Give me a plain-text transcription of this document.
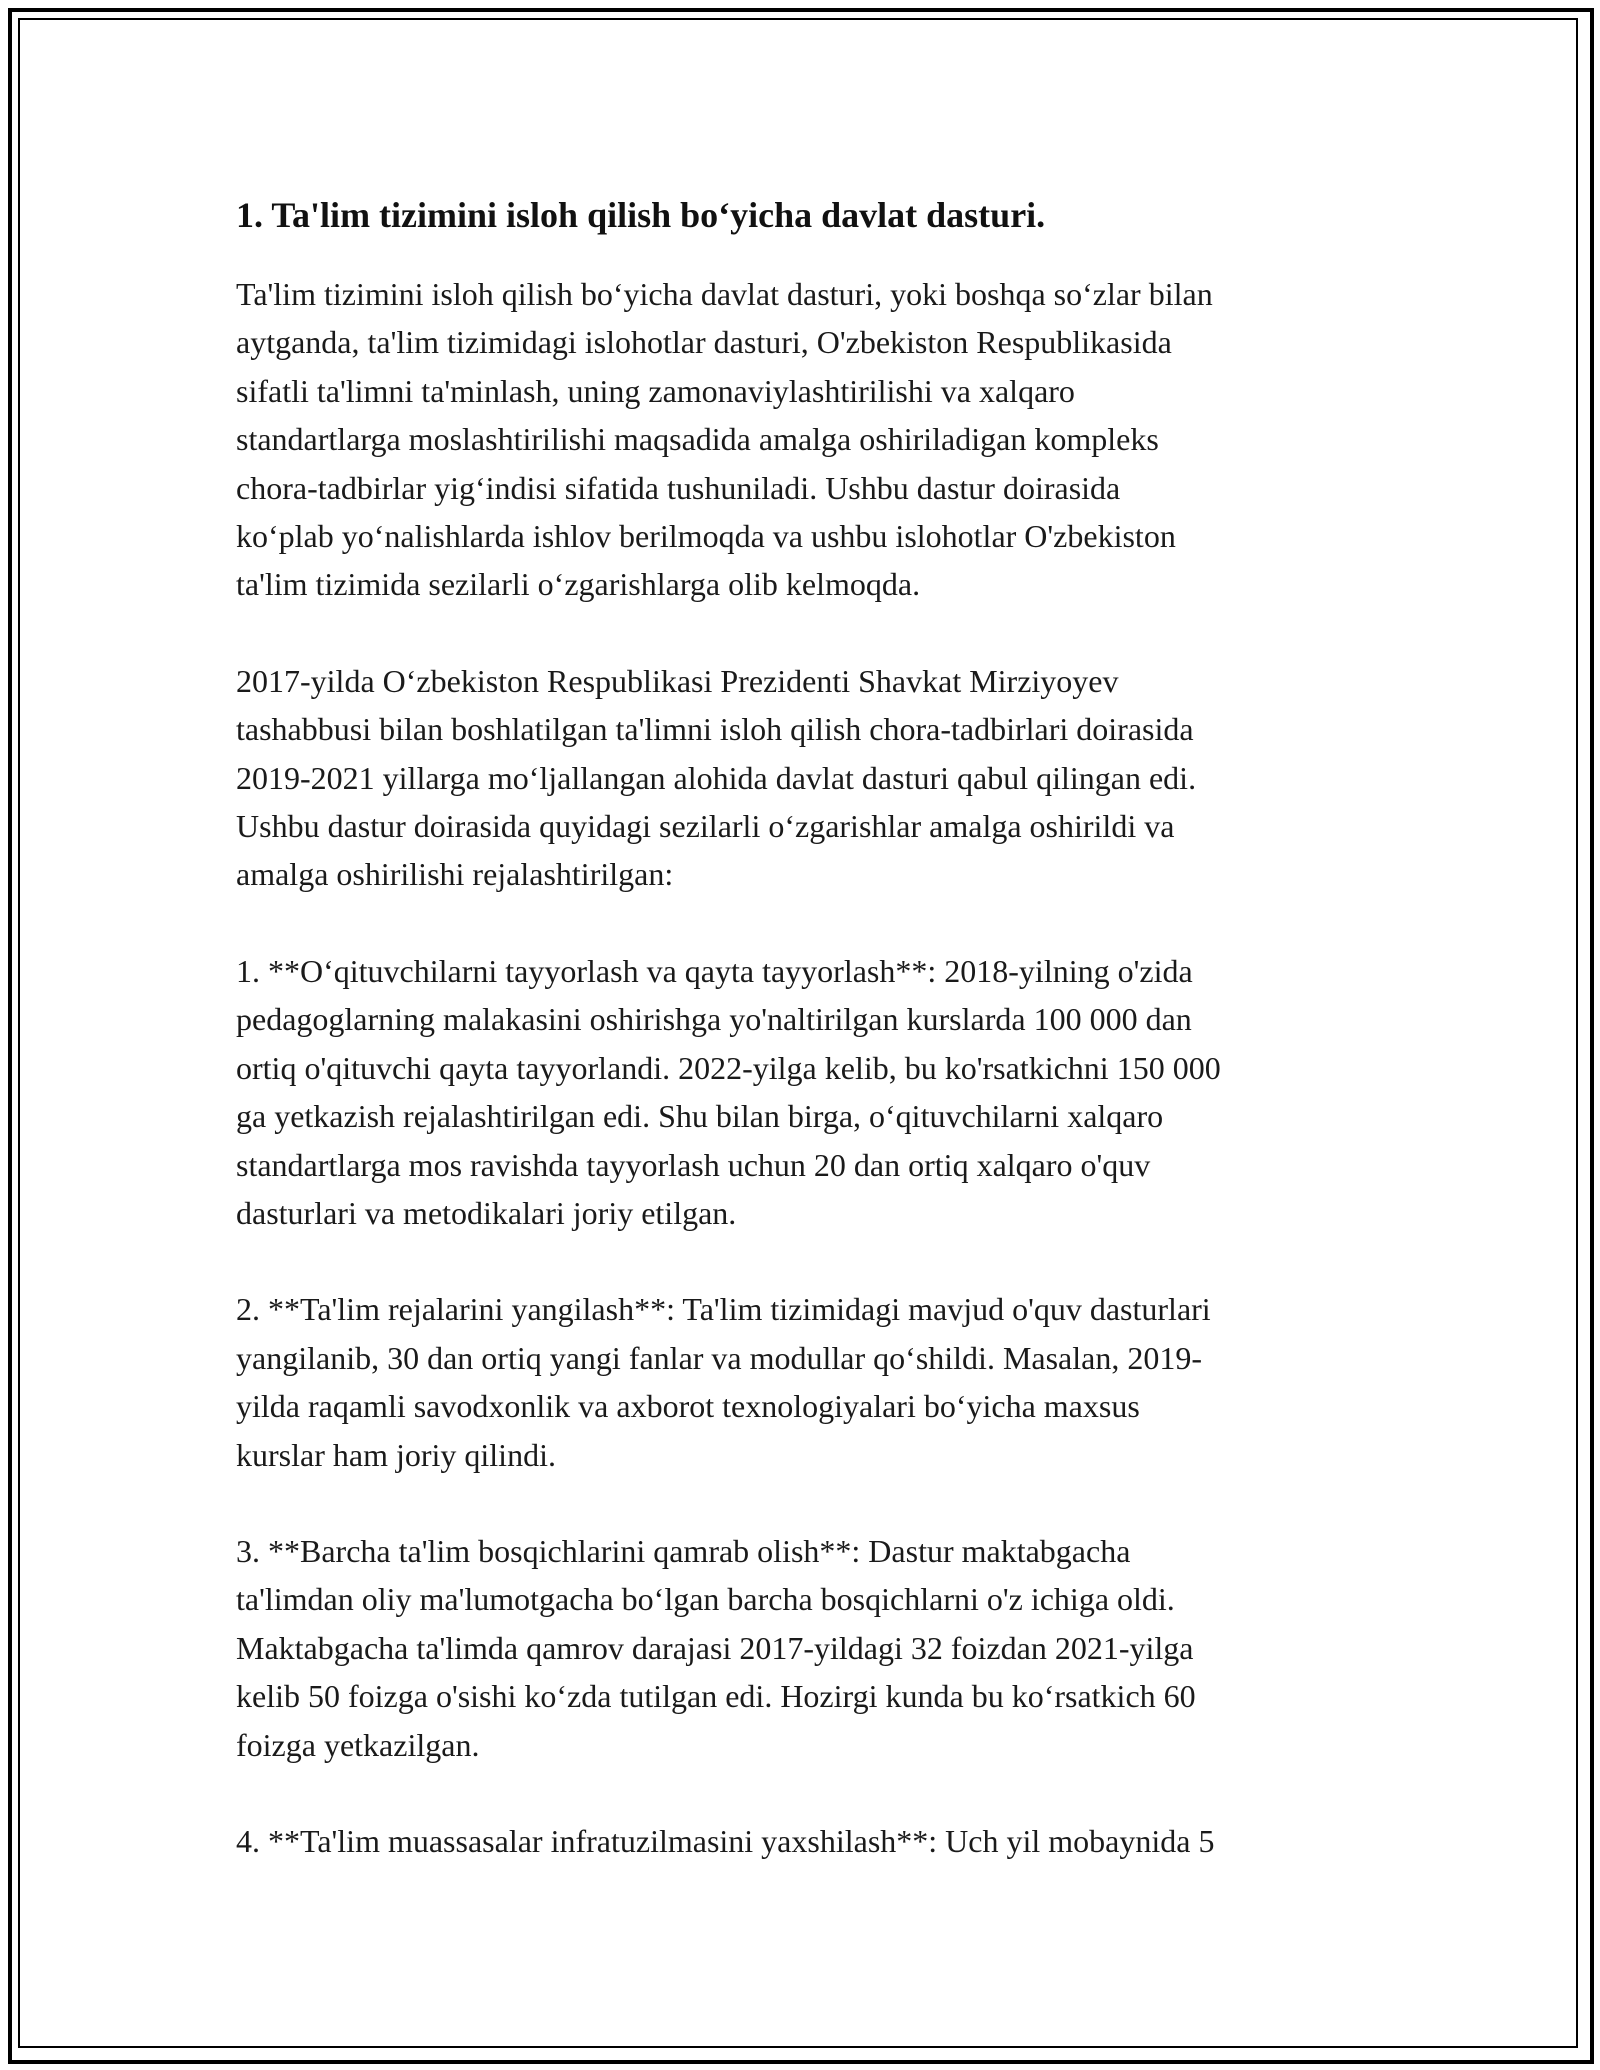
1. Ta'lim tizimini isloh qilish bo‘yicha davlat dasturi.

Ta'lim tizimini isloh qilish bo‘yicha davlat dasturi, yoki boshqa so‘zlar bilan
aytganda, ta'lim tizimidagi islohotlar dasturi, O'zbekiston Respublikasida
sifatli ta'limni ta'minlash, uning zamonaviylashtirilishi va xalqaro
standartlarga moslashtirilishi maqsadida amalga oshiriladigan kompleks
chora-tadbirlar yig‘indisi sifatida tushuniladi. Ushbu dastur doirasida
ko‘plab yo‘nalishlarda ishlov berilmoqda va ushbu islohotlar O'zbekiston
ta'lim tizimida sezilarli o‘zgarishlarga olib kelmoqda.

2017-yilda O‘zbekiston Respublikasi Prezidenti Shavkat Mirziyoyev
tashabbusi bilan boshlatilgan ta'limni isloh qilish chora-tadbirlari doirasida
2019-2021 yillarga mo‘ljallangan alohida davlat dasturi qabul qilingan edi.
Ushbu dastur doirasida quyidagi sezilarli o‘zgarishlar amalga oshirildi va
amalga oshirilishi rejalashtirilgan:

1. **O‘qituvchilarni tayyorlash va qayta tayyorlash**: 2018-yilning o'zida
pedagoglarning malakasini oshirishga yo'naltirilgan kurslarda 100 000 dan
ortiq o'qituvchi qayta tayyorlandi. 2022-yilga kelib, bu ko'rsatkichni 150 000
ga yetkazish rejalashtirilgan edi. Shu bilan birga, o‘qituvchilarni xalqaro
standartlarga mos ravishda tayyorlash uchun 20 dan ortiq xalqaro o'quv
dasturlari va metodikalari joriy etilgan.

2. **Ta'lim rejalarini yangilash**: Ta'lim tizimidagi mavjud o'quv dasturlari
yangilanib, 30 dan ortiq yangi fanlar va modullar qo‘shildi. Masalan, 2019-
yilda raqamli savodxonlik va axborot texnologiyalari bo‘yicha maxsus
kurslar ham joriy qilindi.

3. **Barcha ta'lim bosqichlarini qamrab olish**: Dastur maktabgacha
ta'limdan oliy ma'lumotgacha bo‘lgan barcha bosqichlarni o'z ichiga oldi.
Maktabgacha ta'limda qamrov darajasi 2017-yildagi 32 foizdan 2021-yilga
kelib 50 foizga o'sishi ko‘zda tutilgan edi. Hozirgi kunda bu ko‘rsatkich 60
foizga yetkazilgan.

4. **Ta'lim muassasalar infratuzilmasini yaxshilash**: Uch yil mobaynida 5
